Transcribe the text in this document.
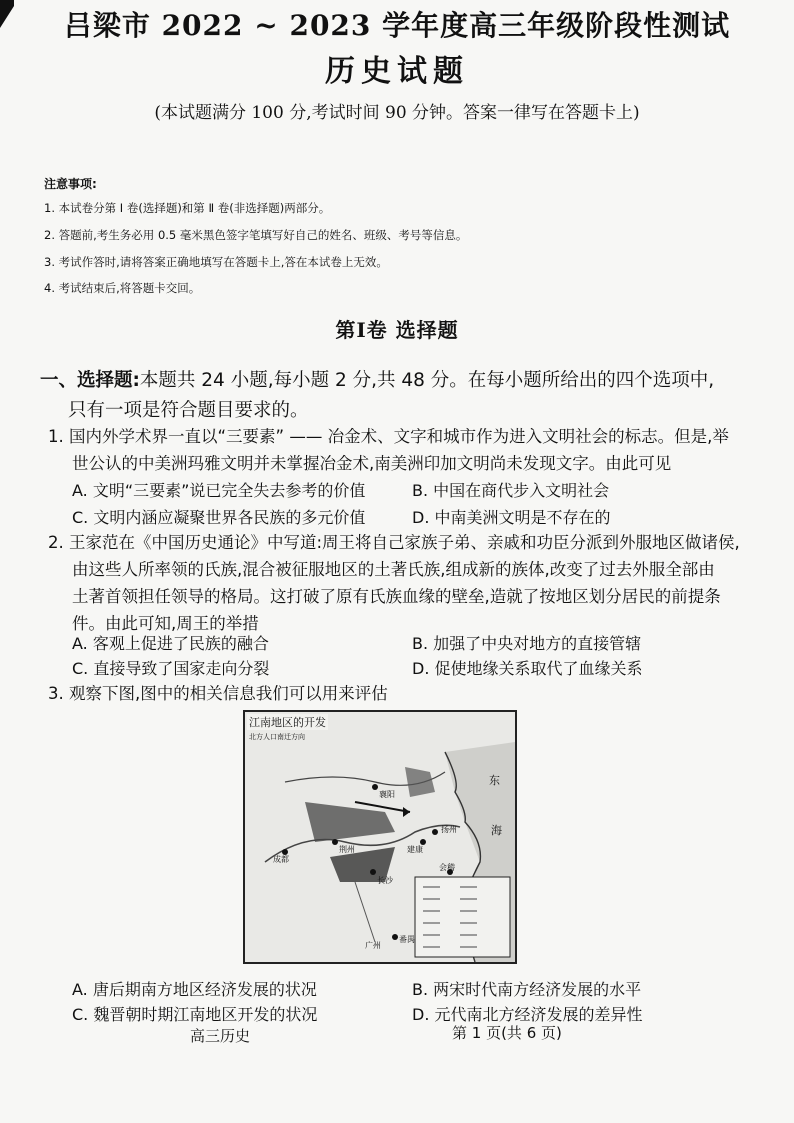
吕梁市 2022 ~ 2023 学年度高三年级阶段性测试
历史试题
(本试题满分 100 分,考试时间 90 分钟。答案一律写在答题卡上)
注意事项:
1. 本试卷分第 Ⅰ 卷(选择题)和第 Ⅱ 卷(非选择题)两部分。
2. 答题前,考生务必用 0.5 毫米黑色签字笔填写好自己的姓名、班级、考号等信息。
3. 考试作答时,请将答案正确地填写在答题卡上,答在本试卷上无效。
4. 考试结束后,将答题卡交回。
第Ⅰ卷 选择题
一、选择题:本题共 24 小题,每小题 2 分,共 48 分。在每小题所给出的四个选项中,
只有一项是符合题目要求的。
1. 国内外学术界一直以“三要素” —— 冶金术、文字和城市作为进入文明社会的标志。但是,举
世公认的中美洲玛雅文明并未掌握冶金术,南美洲印加文明尚未发现文字。由此可见
A. 文明“三要素”说已完全失去参考的价值	B. 中国在商代步入文明社会
C. 文明内涵应凝聚世界各民族的多元价值	D. 中南美洲文明是不存在的
2. 王家范在《中国历史通论》中写道:周王将自己家族子弟、亲戚和功臣分派到外服地区做诸侯,
由这些人所率领的氏族,混合被征服地区的土著氏族,组成新的族体,改变了过去外服全部由
土著首领担任领导的格局。这打破了原有氏族血缘的壁垒,造就了按地区划分居民的前提条
件。由此可知,周王的举措
A. 客观上促进了民族的融合	B. 加强了中央对地方的直接管辖
C. 直接导致了国家走向分裂	D. 促使地缘关系取代了血缘关系
3. 观察下图,图中的相关信息我们可以用来评估
江南地区的开发
北方人口南迁方向
扬州
建康
会稽
长沙
荆州
襄阳
成都
番禺
东
海
广州
A. 唐后期南方地区经济发展的状况	B. 两宋时代南方经济发展的水平
C. 魏晋朝时期江南地区开发的状况	D. 元代南北方经济发展的差异性
高三历史	第 1 页(共 6 页)
